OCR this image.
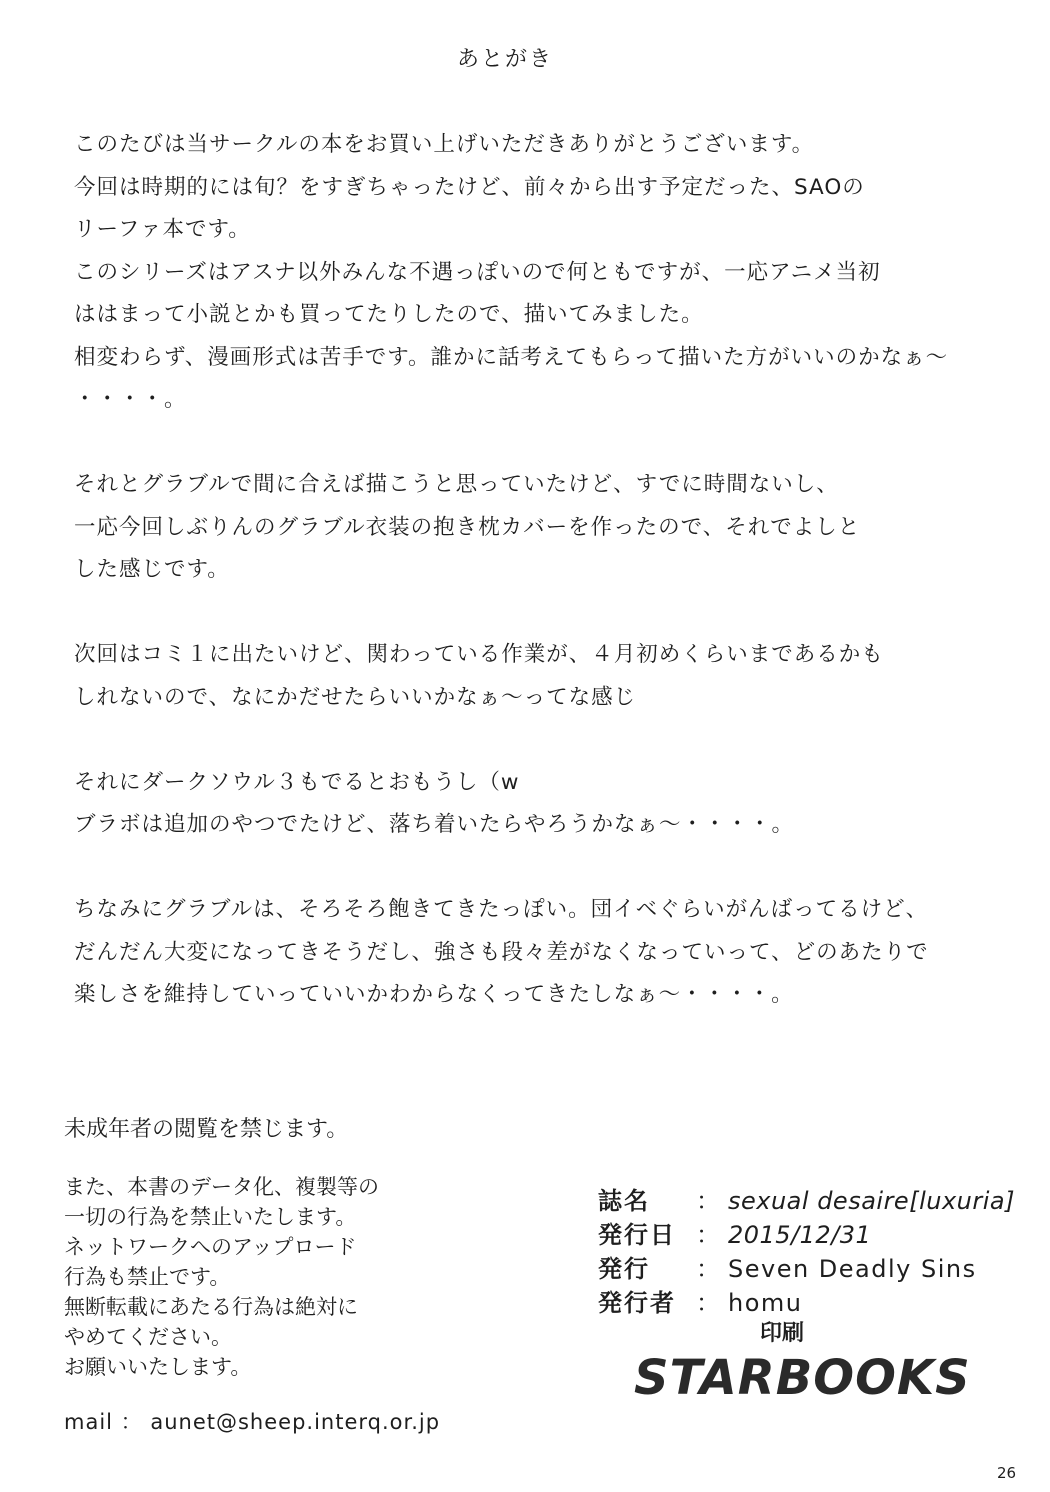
あとがき
このたびは当サークルの本をお買い上げいただきありがとうございます。
今回は時期的には旬？をすぎちゃったけど、前々から出す予定だった、SAOの
リーファ本です。
このシリーズはアスナ以外みんな不遇っぽいので何ともですが、一応アニメ当初
ははまって小説とかも買ってたりしたので、描いてみました。
相変わらず、漫画形式は苦手です。誰かに話考えてもらって描いた方がいいのかなぁ～
・・・・。
それとグラブルで間に合えば描こうと思っていたけど、すでに時間ないし、
一応今回しぶりんのグラブル衣装の抱き枕カバーを作ったので、それでよしと
した感じです。
次回はコミ１に出たいけど、関わっている作業が、４月初めくらいまであるかも
しれないので、なにかだせたらいいかなぁ～ってな感じ
それにダークソウル３もでるとおもうし（w
ブラボは追加のやつでたけど、落ち着いたらやろうかなぁ～・・・・。
ちなみにグラブルは、そろそろ飽きてきたっぽい。団イベぐらいがんばってるけど、
だんだん大変になってきそうだし、強さも段々差がなくなっていって、どのあたりで
楽しさを維持していっていいかわからなくってきたしなぁ～・・・・。
未成年者の閲覧を禁じます。
また、本書のデータ化、複製等の
一切の行為を禁止いたします。
ネットワークへのアップロード
行為も禁止です。
無断転載にあたる行為は絶対に
やめてください。
お願いいたします。
mail ： aunet@sheep.interq.or.jp
誌名	： sexual desaire[luxuria]
発行日 ： 2015/12/31
発行	： Seven Deadly Sins
発行者 ： homu
印刷
STARBOOKS
26
